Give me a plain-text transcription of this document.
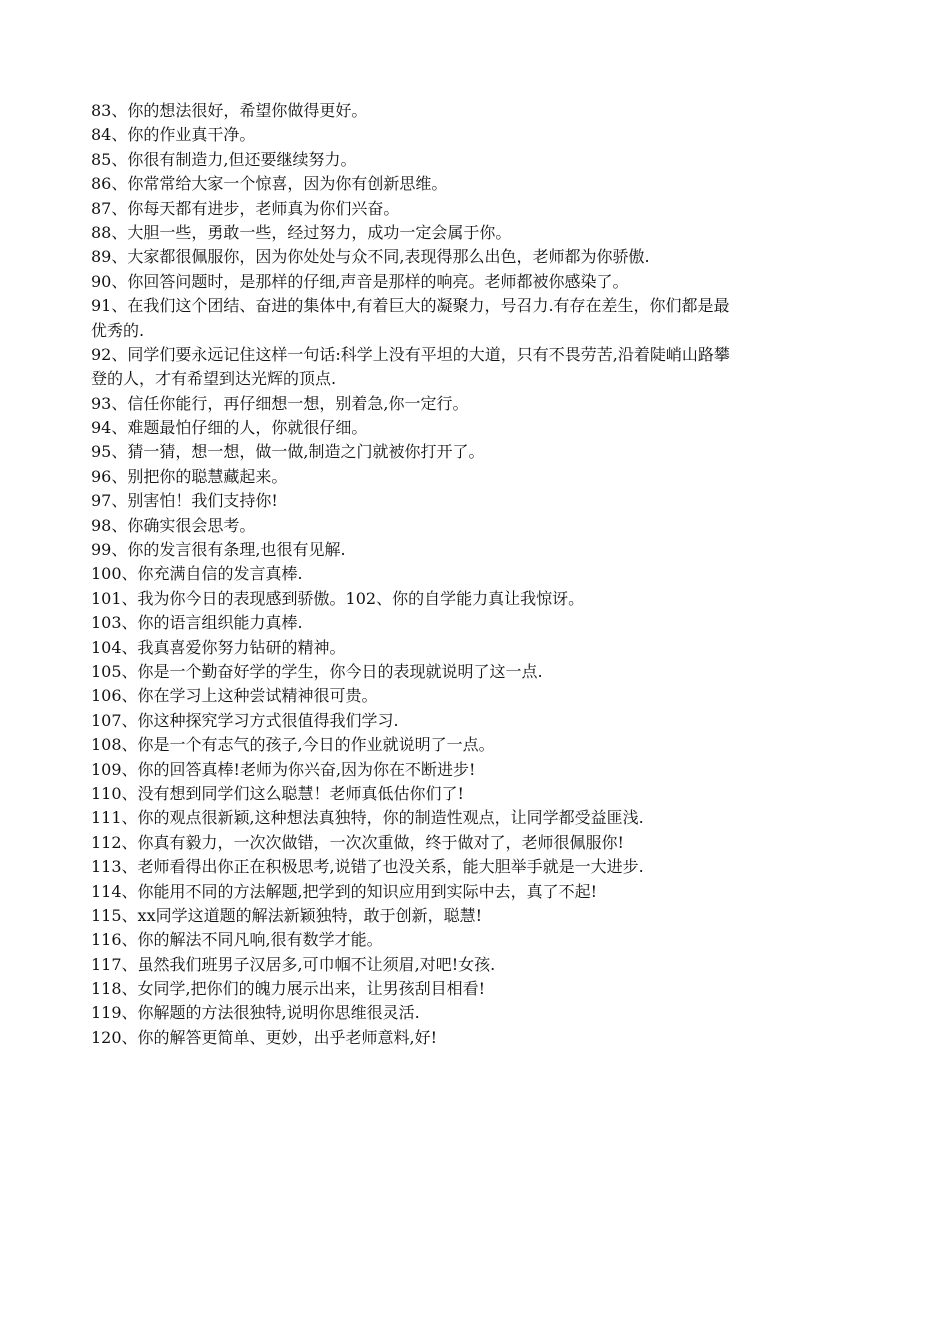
83、你的想法很好，希望你做得更好。
84、你的作业真干净。
85、你很有制造力,但还要继续努力。
86、你常常给大家一个惊喜，因为你有创新思维。
87、你每天都有进步，老师真为你们兴奋。
88、大胆一些，勇敢一些，经过努力，成功一定会属于你。
89、大家都很佩服你，因为你处处与众不同,表现得那么出色，老师都为你骄傲.
90、你回答问题时，是那样的仔细,声音是那样的响亮。老师都被你感染了。
91、在我们这个团结、奋进的集体中,有着巨大的凝聚力，号召力.有存在差生，你们都是最
优秀的.
92、同学们要永远记住这样一句话:科学上没有平坦的大道，只有不畏劳苦,沿着陡峭山路攀
登的人，才有希望到达光辉的顶点.
93、信任你能行，再仔细想一想，别着急,你一定行。
94、难题最怕仔细的人，你就很仔细。
95、猜一猜，想一想，做一做,制造之门就被你打开了。
96、别把你的聪慧藏起来。
97、别害怕！我们支持你!
98、你确实很会思考。
99、你的发言很有条理,也很有见解.
100、你充满自信的发言真棒.
101、我为你今日的表现感到骄傲。102、你的自学能力真让我惊讶。
103、你的语言组织能力真棒.
104、我真喜爱你努力钻研的精神。
105、你是一个勤奋好学的学生，你今日的表现就说明了这一点.
106、你在学习上这种尝试精神很可贵。
107、你这种探究学习方式很值得我们学习.
108、你是一个有志气的孩子,今日的作业就说明了一点。
109、你的回答真棒!老师为你兴奋,因为你在不断进步!
110、没有想到同学们这么聪慧！老师真低估你们了!
111、你的观点很新颖,这种想法真独特，你的制造性观点，让同学都受益匪浅.
112、你真有毅力，一次次做错，一次次重做，终于做对了，老师很佩服你!
113、老师看得出你正在积极思考,说错了也没关系，能大胆举手就是一大进步.
114、你能用不同的方法解题,把学到的知识应用到实际中去，真了不起!
115、xx同学这道题的解法新颖独特，敢于创新，聪慧!
116、你的解法不同凡响,很有数学才能。
117、虽然我们班男子汉居多,可巾帼不让须眉,对吧!女孩.
118、女同学,把你们的魄力展示出来，让男孩刮目相看!
119、你解题的方法很独特,说明你思维很灵活.
120、你的解答更简单、更妙，出乎老师意料,好!
